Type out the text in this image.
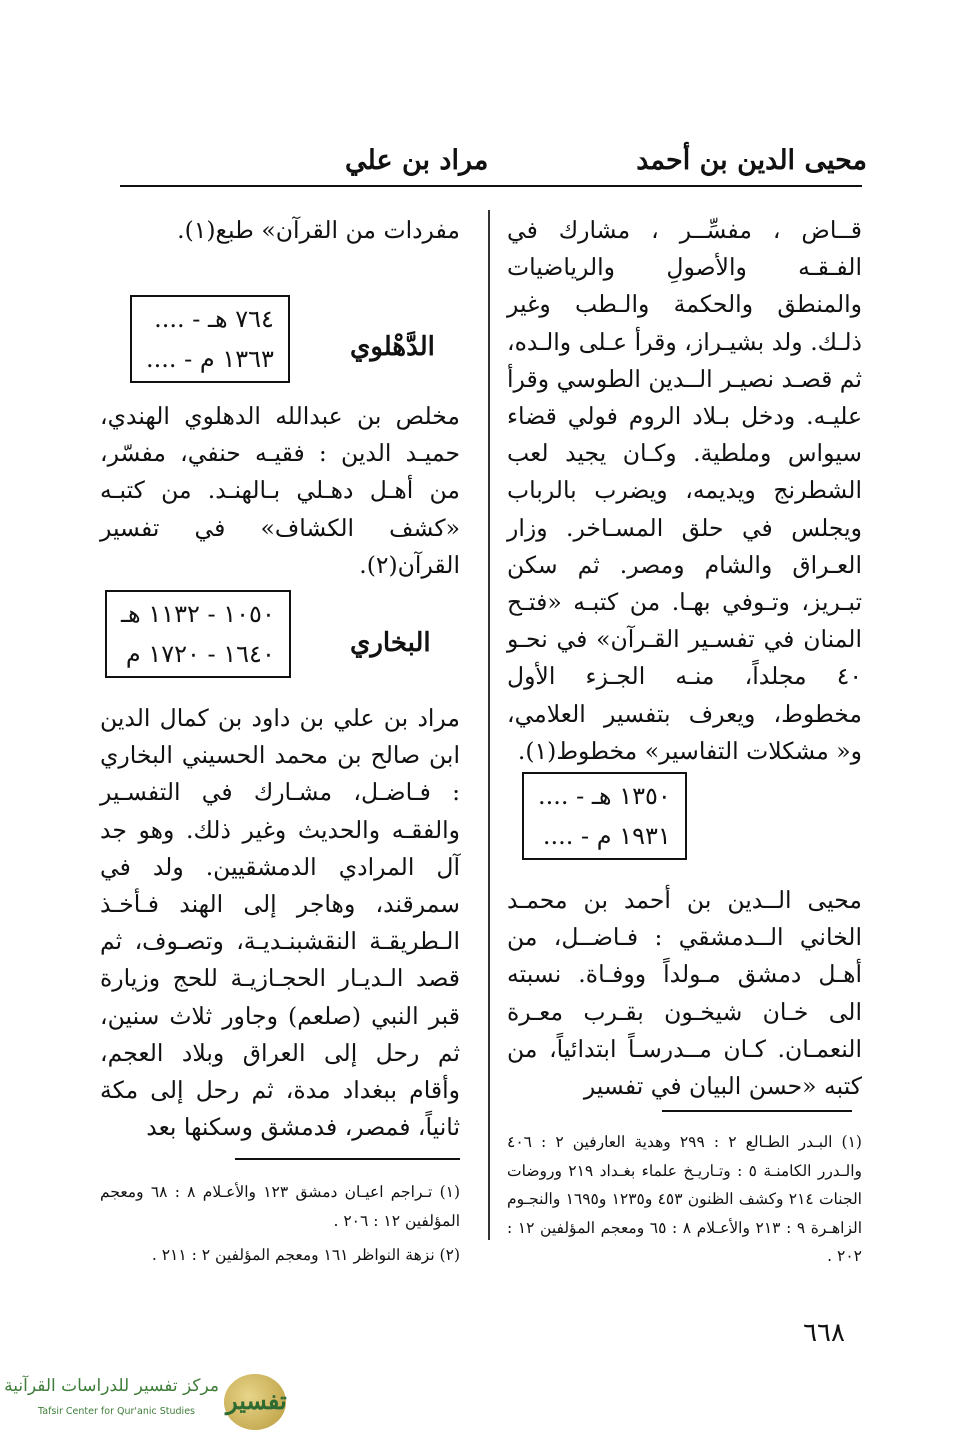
محيى الدين بن أحمد
مراد بن علي

قــاض ، مفسِّــر ، مشارك في الفـقـه والأصولِ والرياضيات والمنطق والحكمة والـطب وغير ذلـك. ولد بشيـراز، وقرأ عـلى والـده، ثم قصـد نصيـر الــدين الطوسي وقرأ عليـه. ودخل بـلاد الروم فولي قضاء سيواس وملطية. وكـان يجيد لعب الشطرنج ويديمه، ويضرب بالرباب ويجلس في حلق المسـاخر. وزار العـراق والشام ومصر. ثم سكن تبـريز، وتـوفي بهـا. من كتبـه «فتـح المنان في تفسـير القـرآن» في نحـو ٤٠ مجلداً، منـه الجـزء الأول مخطوط، ويعرف بتفسير العلامي، و« مشكلات التفاسير» مخطوط(١).

١٣٥٠ هـ - ....
١٩٣١ م - ....

محيى الــدين بن أحمد بن محمـد الخاني الــدمشقي : فـاضــل، من أهـل دمشق مـولداً ووفـاة. نسبته الى خـان شيخـون بقـرب معـرة النعمـان. كـان مــدرسـاً ابتدائياً، من كتبه «حسن البيان في تفسير

(١) البـدر الطـالع ٢ : ٢٩٩ وهدية العارفين ٢ : ٤٠٦ والـدرر الكامنـة ٥ : وتـاريـخ علماء بغـداد ٢١٩ وروضات الجنات ٢١٤ وكشف الظنون ٤٥٣ و١٢٣٥ و١٦٩٥ والنجـوم الزاهـرة ٩ : ٢١٣ والأعـلام ٨ : ٦٥ ومعجم المؤلفين ١٢ : ٢٠٢ .

مفردات من القرآن» طبع(١).

الدَّهْلوي
٧٦٤ هـ - ....
١٣٦٣ م - ....

مخلص بن عبدالله الدهلوي الهندي، حميـد الدين : فقيـه حنفي، مفسّر، من أهـل دهـلي بـالهنـد. من كتبـه «كشف الكشاف» في تفسير القرآن(٢).

البخاري
١٠٥٠ - ١١٣٢ هـ
١٦٤٠ - ١٧٢٠ م

مراد بن علي بن داود بن كمال الدين ابن صالح بن محمد الحسيني البخاري : فـاضـل، مشـارك في التفسـير والفقـه والحديث وغير ذلك. وهو جد آل المرادي الدمشقيين. ولد في سمرقند، وهاجر إلى الهند فـأخـذ الـطريقـة النقشبنـديـة، وتصـوف، ثم قصد الـديـار الحجـازيـة للحج وزيارة قبر النبي (صلعم) وجاور ثلاث سنين، ثم رحل إلى العراق وبلاد العجم، وأقام ببغداد مدة، ثم رحل إلى مكة ثانياً، فمصر، فدمشق وسكنها بعد

(١) تـراجم اعيـان دمشق ١٢٣ والأعـلام ٨ : ٦٨ ومعجم المؤلفين ١٢ : ٢٠٦ .

(٢) نزهة النواظر ١٦١ ومعجم المؤلفين ٢ : ٢١١ .

٦٦٨
تفسير
مركز تفسير للدراسات القرآنية
Tafsir Center for Qur'anic Studies
